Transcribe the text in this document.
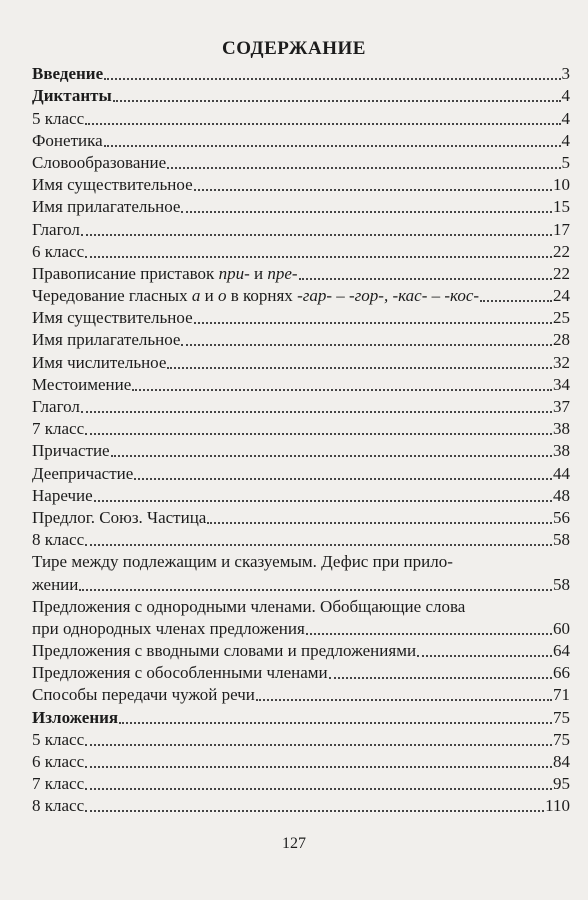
СОДЕРЖАНИЕ
Введение	3
Диктанты	4
5 класс	4
Фонетика	4
Словообразование	5
Имя существительное	10
Имя прилагательное	15
Глагол	17
6 класс	22
Правописание приставок при- и пре-	22
Чередование гласных а и о в корнях -гар- – -гор-, -кас- – -кос-	24
Имя существительное	25
Имя прилагательное	28
Имя числительное	32
Местоимение	34
Глагол	37
7 класс	38
Причастие	38
Деепричастие	44
Наречие	48
Предлог. Союз. Частица	56
8 класс	58
Тире между подлежащим и сказуемым. Дефис при прило-
жении	58
Предложения с однородными членами. Обобщающие слова
при однородных членах предложения	60
Предложения с вводными словами и предложениями	64
Предложения с обособленными членами	66
Способы передачи чужой речи	71
Изложения	75
5 класс	75
6 класс	84
7 класс	95
8 класс	110
127
